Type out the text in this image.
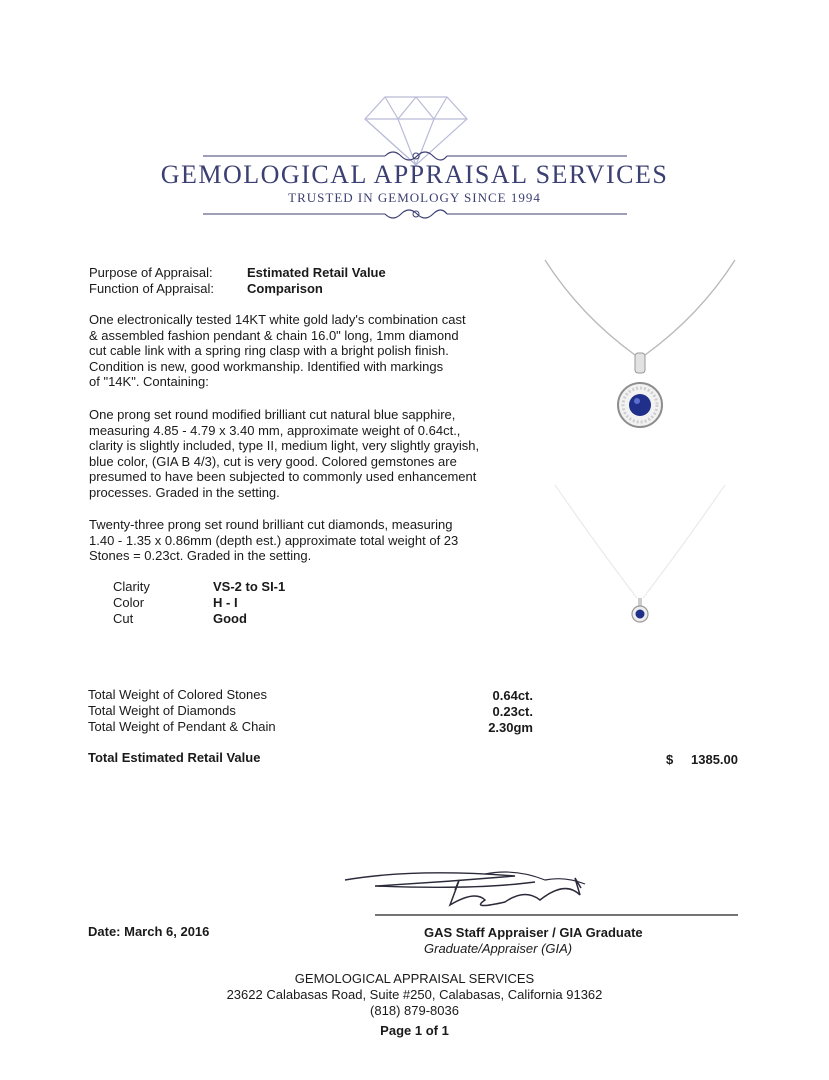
GEMOLOGICAL APPRAISAL SERVICES
TRUSTED IN GEMOLOGY SINCE 1994
Purpose of Appraisal:	Estimated Retail Value
Function of Appraisal:	Comparison
One electronically tested 14KT white gold lady's combination cast
& assembled fashion pendant & chain 16.0" long, 1mm diamond
cut cable link with a spring ring clasp with a bright polish finish.
Condition is new, good workmanship. Identified with markings
of "14K". Containing:
One prong set round modified brilliant cut natural blue sapphire,
measuring 4.85 - 4.79 x 3.40 mm, approximate weight of 0.64ct.,
clarity is slightly included, type II, medium light, very slightly grayish,
blue color, (GIA B 4/3), cut is very good. Colored gemstones are
presumed to have been subjected to commonly used enhancement
processes. Graded in the setting.
Twenty-three prong set round brilliant cut diamonds, measuring
1.40 - 1.35 x 0.86mm (depth est.) approximate total weight of 23
Stones = 0.23ct. Graded in the setting.
Clarity	VS-2 to SI-1
Color	H - I
Cut	Good
Total Weight of Colored Stones	0.64ct.
Total Weight of Diamonds	0.23ct.
Total Weight of Pendant & Chain	2.30gm
Total Estimated Retail Value	$	1385.00
Date: March 6, 2016	GAS Staff Appraiser / GIA Graduate
Graduate/Appraiser (GIA)
GEMOLOGICAL APPRAISAL SERVICES
23622 Calabasas Road, Suite #250, Calabasas, California 91362
(818) 879-8036
Page 1 of 1
